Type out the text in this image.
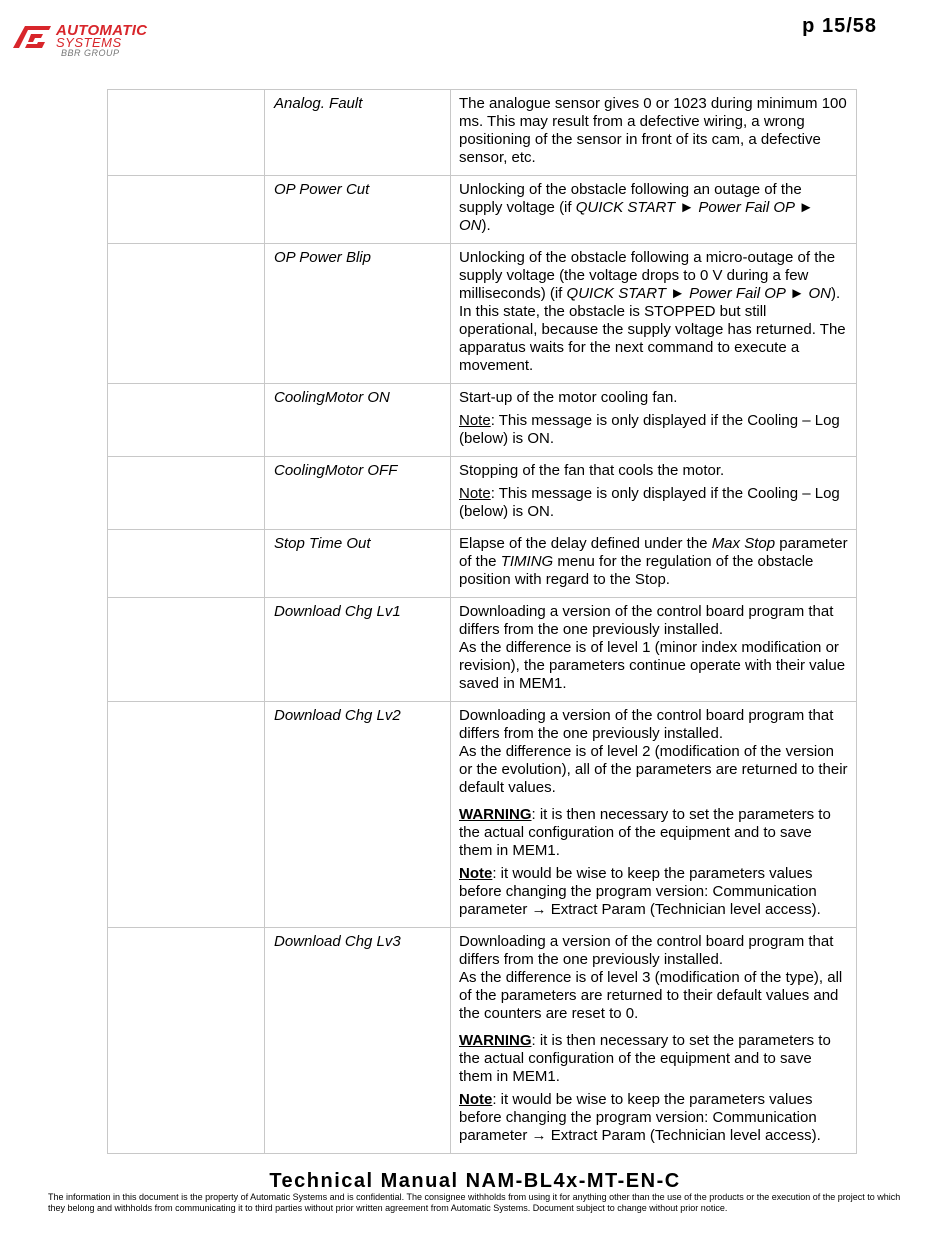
AUTOMATIC
SYSTEMS
BBR GROUP
p 15/58
	Analog. Fault	The analogue sensor gives 0 or 1023 during minimum 100 ms. This may result from a defective wiring, a wrong positioning of the sensor in front of its cam, a defective sensor, etc.

	OP Power Cut	Unlocking of the obstacle following an outage of the supply voltage (if QUICK START ► Power Fail OP ► ON).

	OP Power Blip	Unlocking of the obstacle following a micro-outage of the supply voltage (the voltage drops to 0 V during a few milliseconds) (if QUICK START ► Power Fail OP ► ON).

In this state, the obstacle is STOPPED but still operational, because the supply voltage has returned. The apparatus waits for the next command to execute a movement.

	CoolingMotor ON	Start-up of the motor cooling fan.

Note: This message is only displayed if the Cooling – Log (below) is ON.

	CoolingMotor OFF	Stopping of the fan that cools the motor.

Note: This message is only displayed if the Cooling – Log (below) is ON.

	Stop Time Out	Elapse of the delay defined under the Max Stop parameter of the TIMING menu for the regulation of the obstacle position with regard to the Stop.

	Download Chg Lv1	Downloading a version of the control board program that differs from the one previously installed.

As the difference is of level 1 (minor index modification or revision), the parameters continue operate with their value saved in MEM1.

	Download Chg Lv2	Downloading a version of the control board program that differs from the one previously installed.

As the difference is of level 2 (modification of the version or the evolution), all of the parameters are returned to their default values.

WARNING: it is then necessary to set the parameters to the actual configuration of the equipment and to save them in MEM1.

Note: it would be wise to keep the parameters values before changing the program version: Communication parameter → Extract Param (Technician level access).

	Download Chg Lv3	Downloading a version of the control board program that differs from the one previously installed.

As the difference is of level 3 (modification of the type), all of the parameters are returned to their default values and the counters are reset to 0.

WARNING: it is then necessary to set the parameters to the actual configuration of the equipment and to save them in MEM1.

Note: it would be wise to keep the parameters values before changing the program version: Communication parameter → Extract Param (Technician level access).

Technical Manual NAM-BL4x-MT-EN-C
The information in this document is the property of Automatic Systems and is confidential. The consignee withholds from using it for anything other than the use of the products or the execution of the project to which they belong and withholds from communicating it to third parties without prior written agreement from Automatic Systems. Document subject to change without prior notice.
